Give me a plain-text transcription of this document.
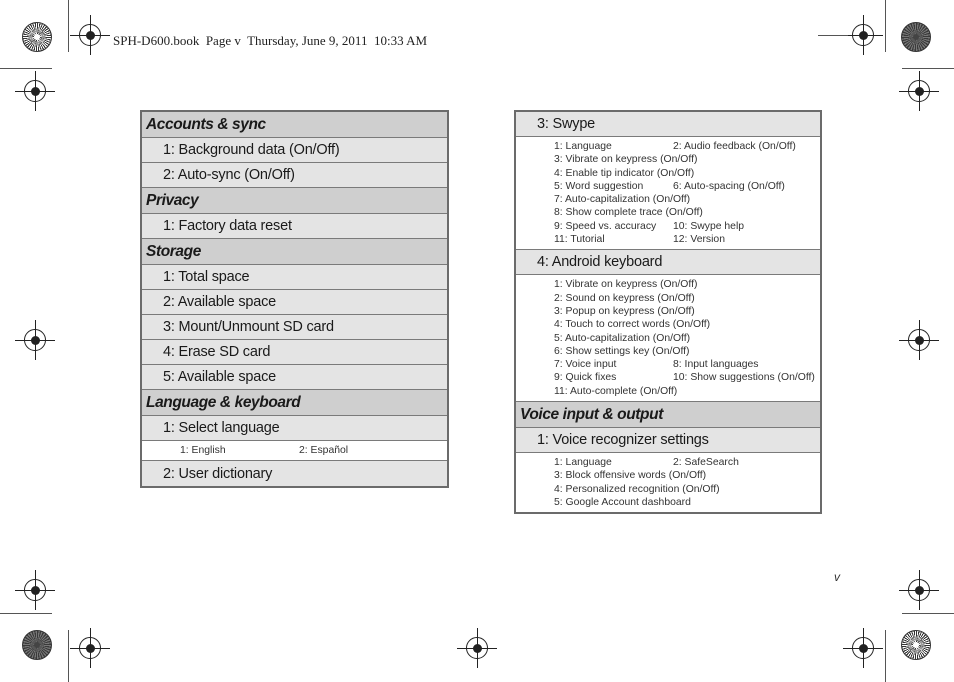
SPH-D600.book  Page v  Thursday, June 9, 2011  10:33 AM
Accounts & sync
1: Background data (On/Off)
2: Auto-sync (On/Off)
Privacy
1: Factory data reset
Storage
1: Total space
2: Available space
3: Mount/Unmount SD card
4: Erase SD card
5: Available space
Language & keyboard
1: Select language
1: English	2: Español
2: User dictionary
3: Swype
1: Language	2: Audio feedback (On/Off)
3: Vibrate on keypress (On/Off)
4: Enable tip indicator (On/Off)
5: Word suggestion	6: Auto-spacing (On/Off)
7: Auto-capitalization (On/Off)
8: Show complete trace (On/Off)
9: Speed vs. accuracy	10: Swype help
11: Tutorial	12: Version
4: Android keyboard
1: Vibrate on keypress (On/Off)
2: Sound on keypress (On/Off)
3: Popup on keypress (On/Off)
4: Touch to correct words (On/Off)
5: Auto-capitalization (On/Off)
6: Show settings key (On/Off)
7: Voice input	8: Input languages
9: Quick fixes	10: Show suggestions (On/Off)
11: Auto-complete (On/Off)
Voice input & output
1: Voice recognizer settings
1: Language	2: SafeSearch
3: Block offensive words (On/Off)
4: Personalized recognition (On/Off)
5: Google Account dashboard
v
